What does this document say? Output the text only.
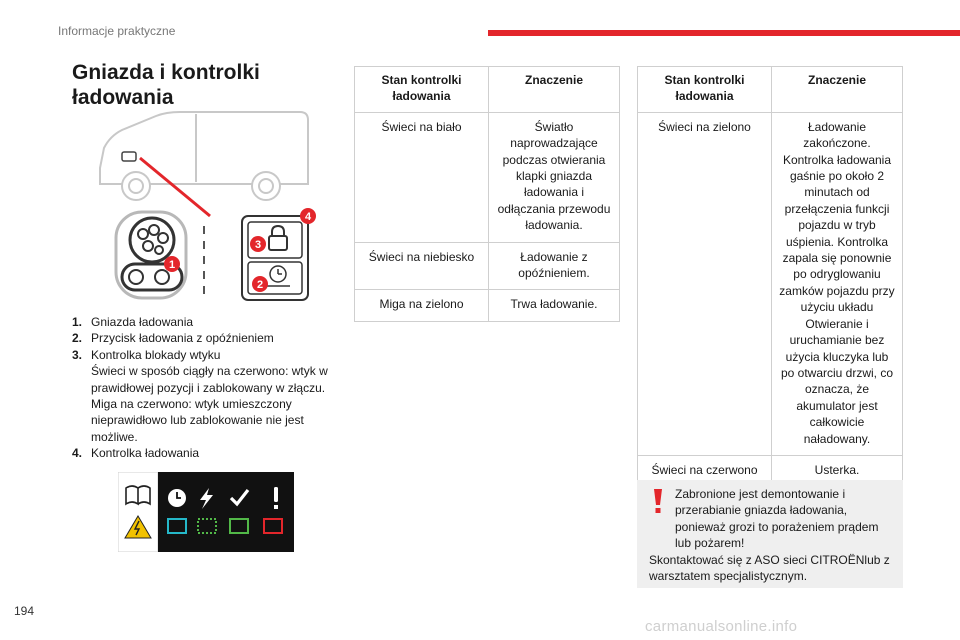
Informacje praktyczne
Gniazda i kontrolki
ładowania
1
2
3
4
1. Gniazda ładowania
2. Przycisk ładowania z opóźnieniem
3. Kontrolka blokady wtyku
Świeci w sposób ciągły na czerwono: wtyk w prawidłowej pozycji i zablokowany w złączu.
Miga na czerwono: wtyk umieszczony nieprawidłowo lub zablokowanie nie jest możliwe.
4. Kontrolka ładowania
Stan kontrolki ładowania	Znaczenie
Świeci na biało	Światło naprowadzające podczas otwierania klapki gniazda ładowania i odłączania przewodu ładowania.
Świeci na niebiesko	Ładowanie z opóźnieniem.
Miga na zielono	Trwa ładowanie.
Stan kontrolki ładowania	Znaczenie
Świeci na zielono	Ładowanie zakończone. Kontrolka ładowania gaśnie po około 2 minutach od przełączenia funkcji pojazdu w tryb uśpienia. Kontrolka zapala się ponownie po odryglowaniu zamków pojazdu przy użyciu układu Otwieranie i uruchamianie bez użycia kluczyka lub po otwarciu drzwi, co oznacza, że akumulator jest całkowicie naładowany.
Świeci na czerwono	Usterka.
Zabronione jest demontowanie i przerabianie gniazda ładowania, ponieważ grozi to porażeniem prądem lub pożarem!
Skontaktować się z ASO sieci CITROËNlub z warsztatem specjalistycznym.
194
carmanualsonline.info
